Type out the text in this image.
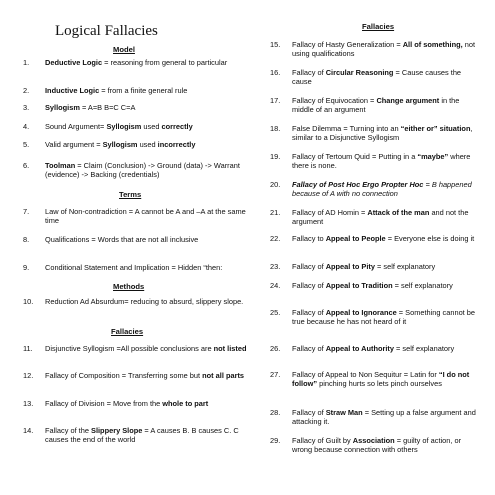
Logical Fallacies
Model
Terms
Methods
Fallacies
1.	Deductive Logic = reasoning from general to particular
2.	Inductive Logic = from a finite general rule
3.	Syllogism = A=B B=C C=A
4.	Sound Argument= Syllogism used correctly
5.	Valid argument = Syllogism used incorrectly
6.	Toolman = Claim (Conclusion) -> Ground (data) -> Warrant (evidence) -> Backing (credentials)
7.	Law of Non-contradiction = A cannot be A and –A at the same time
8.	Qualifications = Words that are not all inclusive
9.	Conditional Statement and Implication = Hidden “then:
10.	Reduction Ad Absurdum= reducing to absurd, slippery slope.
11.	Disjunctive Syllogism =All possible conclusions are not listed
12.	Fallacy of Composition = Transferring some but not all parts
13.	Fallacy of Division = Move from the whole to part
14.	Fallacy of the Slippery Slope = A causes B. B causes C. C causes the end of the world
Fallacies
15.	Fallacy of Hasty Generalization = All of something, not using qualifications
16.	Fallacy of Circular Reasoning = Cause causes the cause
17.	Fallacy of Equivocation = Change argument in the middle of an argument
18.	False Dilemma = Turning into an “either or” situation, similar to a Disjunctive Syllogism
19.	Fallacy of Tertoum Quid = Putting in a “maybe” where there is none.
20.	Fallacy of Post Hoc Ergo Propter Hoc = B happened because of A with no connection
21.	Fallacy of AD Homin = Attack of the man and not the argument
22.	Fallacy to Appeal to People = Everyone else is doing it
23.	Fallacy of Appeal to Pity = self explanatory
24.	Fallacy of Appeal to Tradition = self explanatory
25.	Fallacy of Appeal to Ignorance = Something cannot be true because he has not heard of it
26.	Fallacy of Appeal to Authority = self explanatory
27.	Fallacy of Appeal to Non Sequitur = Latin for “I do not follow” pinching hurts so lets pinch ourselves
28.	Fallacy of Straw Man = Setting up a false argument and attacking it.
29.	Fallacy of Guilt by Association = guilty of action, or wrong because connection with others
